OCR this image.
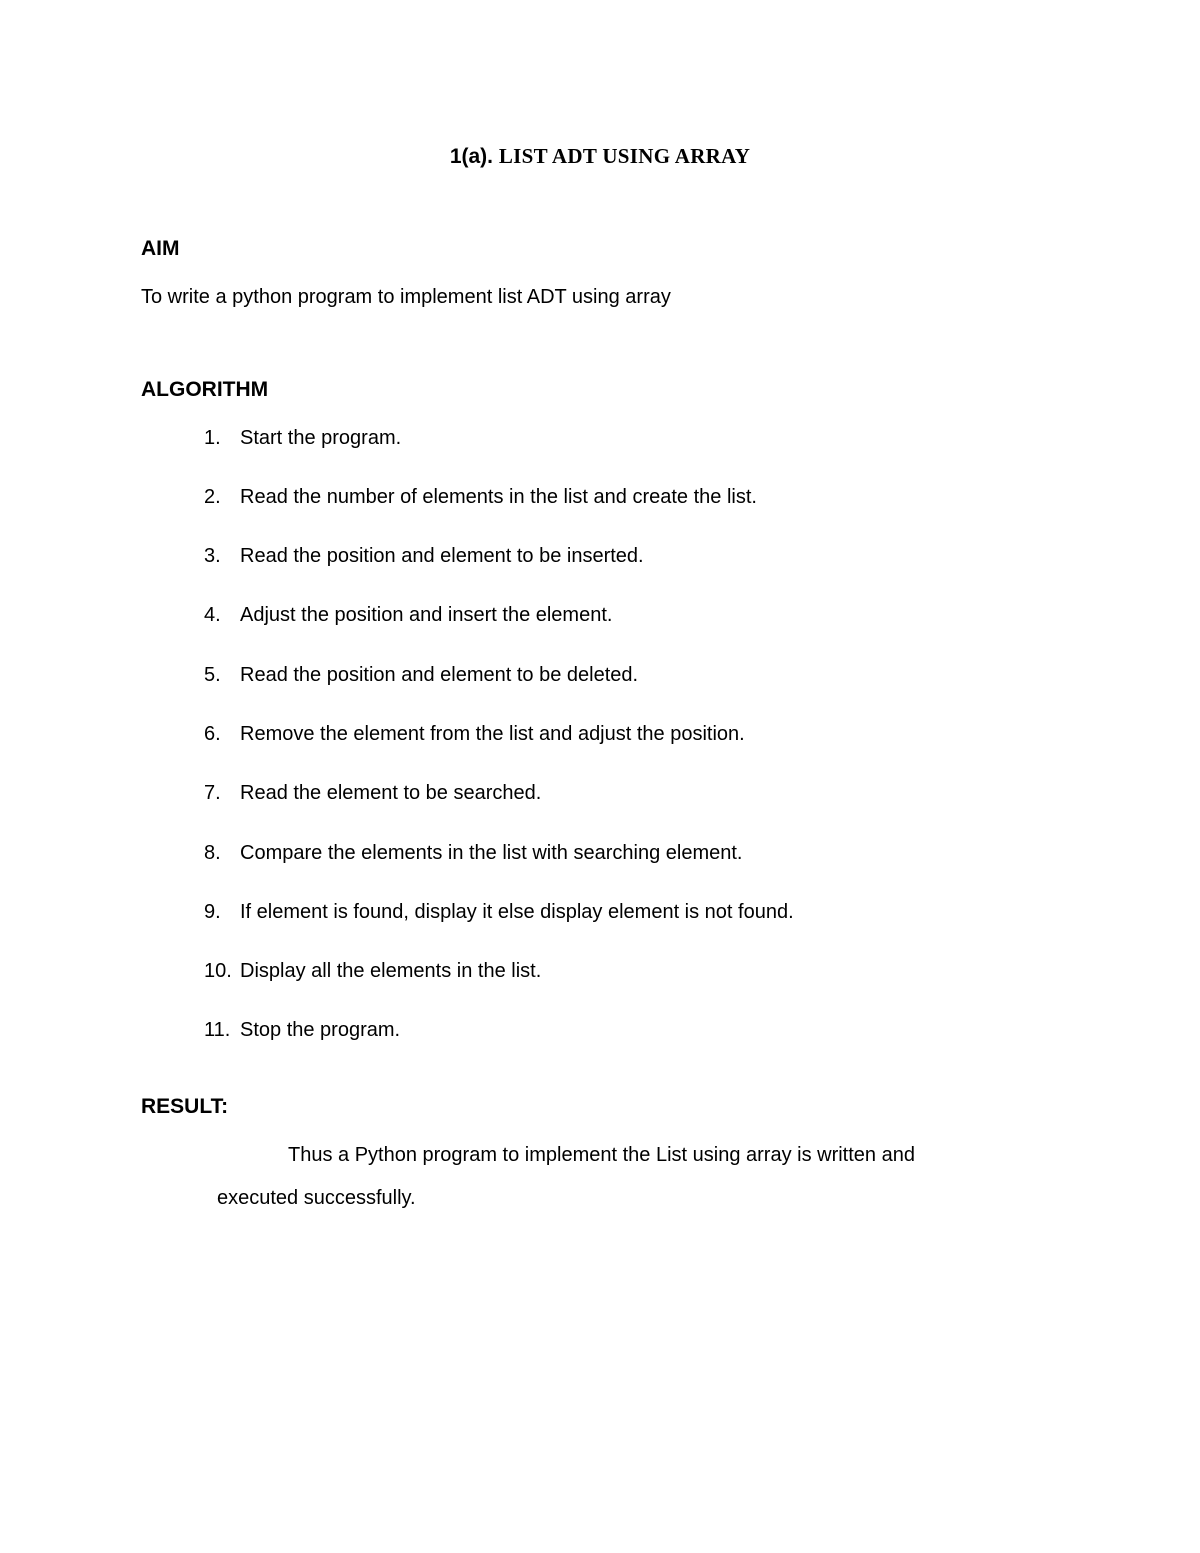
1(a). LIST ADT USING ARRAY
AIM
To write a python program to implement list ADT using array
ALGORITHM
1. Start the program.
2. Read the number of elements in the list and create the list.
3. Read the position and element to be inserted.
4. Adjust the position and insert the element.
5. Read the position and element to be deleted.
6. Remove the element from the list and adjust the position.
7. Read the element to be searched.
8. Compare the elements in the list with searching element.
9. If element is found, display it else display element is not found.
10. Display all the elements in the list.
11. Stop the program.
RESULT:
Thus a Python program to implement the List using array is written and
executed successfully.
